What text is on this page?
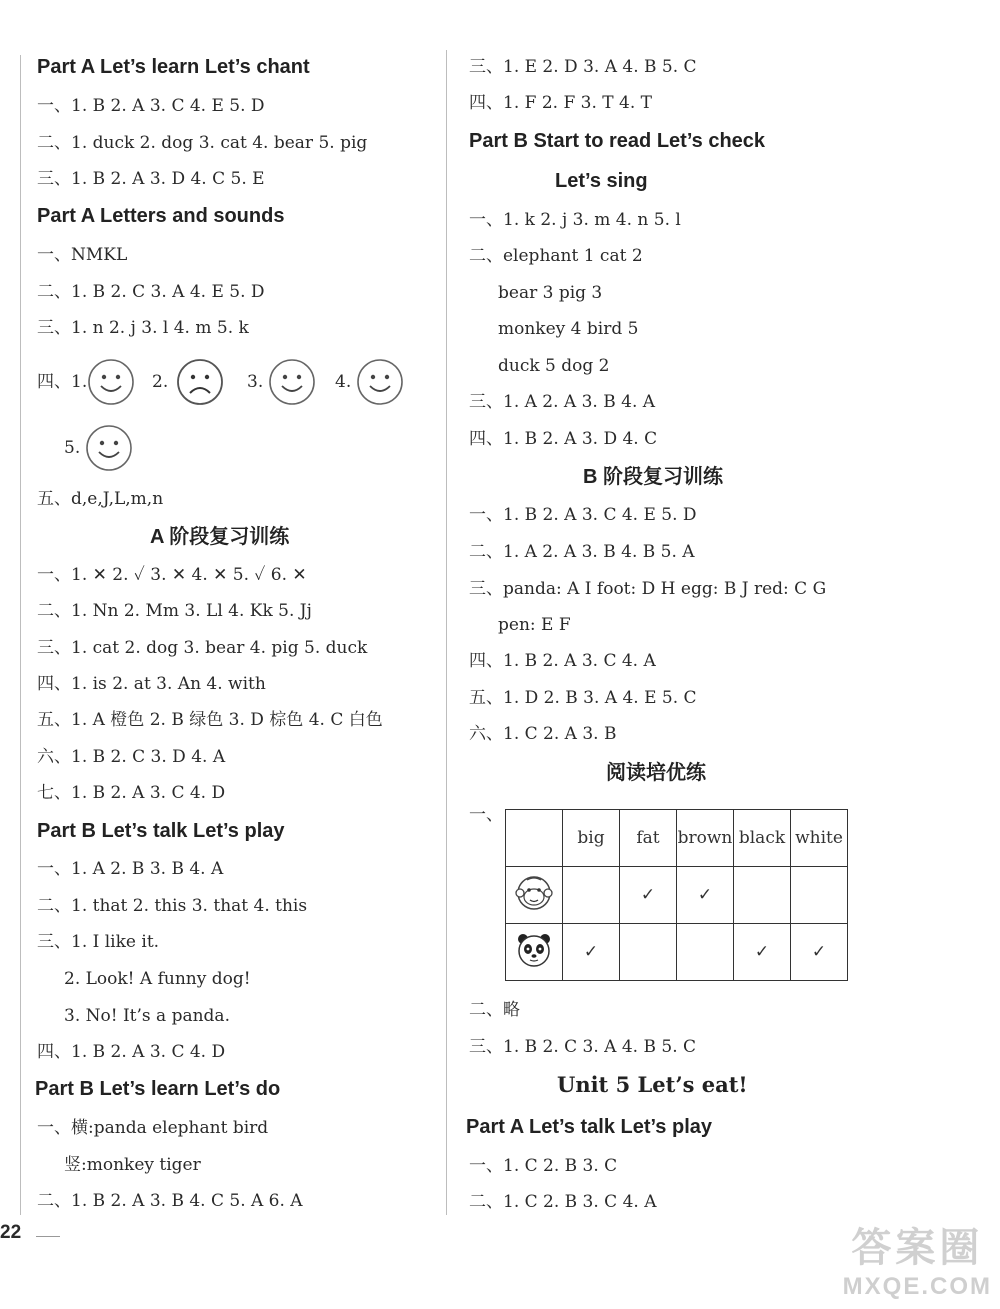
Part A Let’s learn Let’s chant
一、1. B 2. A 3. C 4. E 5. D
二、1. duck 2. dog 3. cat 4. bear 5. pig
三、1. B 2. A 3. D 4. C 5. E
Part A Letters and sounds
一、NMKL
二、1. B 2. C 3. A 4. E 5. D
三、1. n 2. j 3. l 4. m 5. k
四、1.	2.	3.	4.
5.
五、d,e,J,L,m,n
A 阶段复习训练
一、1. ✕ 2. ✓ 3. ✕ 4. ✕ 5. ✓ 6. ✕
二、1. Nn 2. Mm 3. Ll 4. Kk 5. Jj
三、1. cat 2. dog 3. bear 4. pig 5. duck
四、1. is 2. at 3. An 4. with
五、1. A 橙色 2. B 绿色 3. D 棕色 4. C 白色
六、1. B 2. C 3. D 4. A
七、1. B 2. A 3. C 4. D
Part B Let’s talk Let’s play
一、1. A 2. B 3. B 4. A
二、1. that 2. this 3. that 4. this
三、1. I like it.
2. Look! A funny dog!
3. No! It’s a panda.
四、1. B 2. A 3. C 4. D
Part B Let’s learn Let’s do
一、横:panda elephant bird
竖:monkey tiger
二、1. B 2. A 3. B 4. C 5. A 6. A
三、1. E 2. D 3. A 4. B 5. C
四、1. F 2. F 3. T 4. T
Part B Start to read Let’s check
Let’s sing
一、1. k 2. j 3. m 4. n 5. l
二、elephant 1 cat 2
bear 3 pig 3
monkey 4 bird 5
duck 5 dog 2
三、1. A 2. A 3. B 4. A
四、1. B 2. A 3. D 4. C
B 阶段复习训练
一、1. B 2. A 3. C 4. E 5. D
二、1. A 2. A 3. B 4. B 5. A
三、panda: A I foot: D H egg: B J red: C G
pen: E F
四、1. B 2. A 3. C 4. A
五、1. D 2. B 3. A 4. E 5. C
六、1. C 2. A 3. B
阅读培优练
一、
	big	fat	brown	black	white
		✓	✓		
	✓			✓	✓
二、略
三、1. B 2. C 3. A 4. B 5. C
Unit 5 Let’s eat!
Part A Let’s talk Let’s play
一、1. C 2. B 3. C
二、1. C 2. B 3. C 4. A
22	答案圈
MXQE.COM
